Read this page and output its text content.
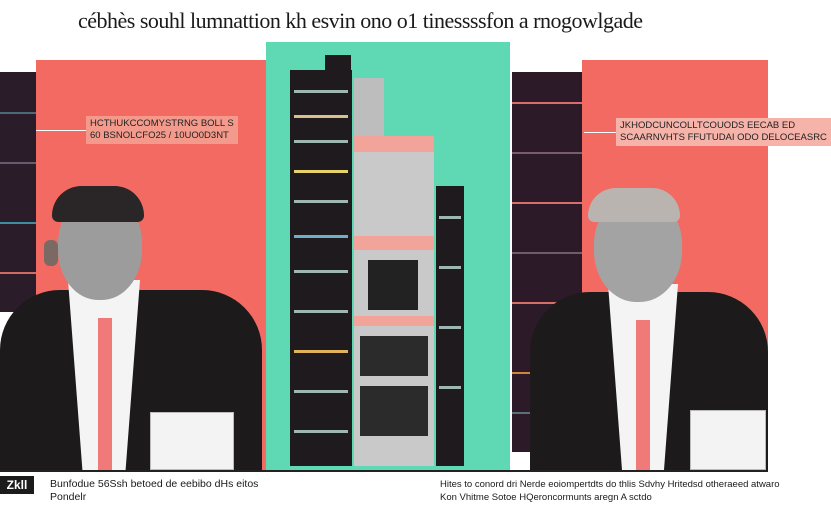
cébhès souhl lumnattion kh esvin ono o1 tinessssfon a rnogowlgade
HCTHUKCCOMYSTRNG BOLL S
60 BSNOLCFO25 / 10UO0D3NT
JKHODCUNCOLLTCOUODS EECAB ED
SCAARNVHTS FFUTUDAI ODO DELOCEASRC
Zkll	Bunfodue 56Ssh betoed de eebibo dHs eitos
Pondelr
Hites to conord dri Nerde eoiompertdts do thlis Sdvhy Hritedsd otheraeed atwaro
Kon Vhitme Sotoe HQeroncormunts aregn A sctdo
